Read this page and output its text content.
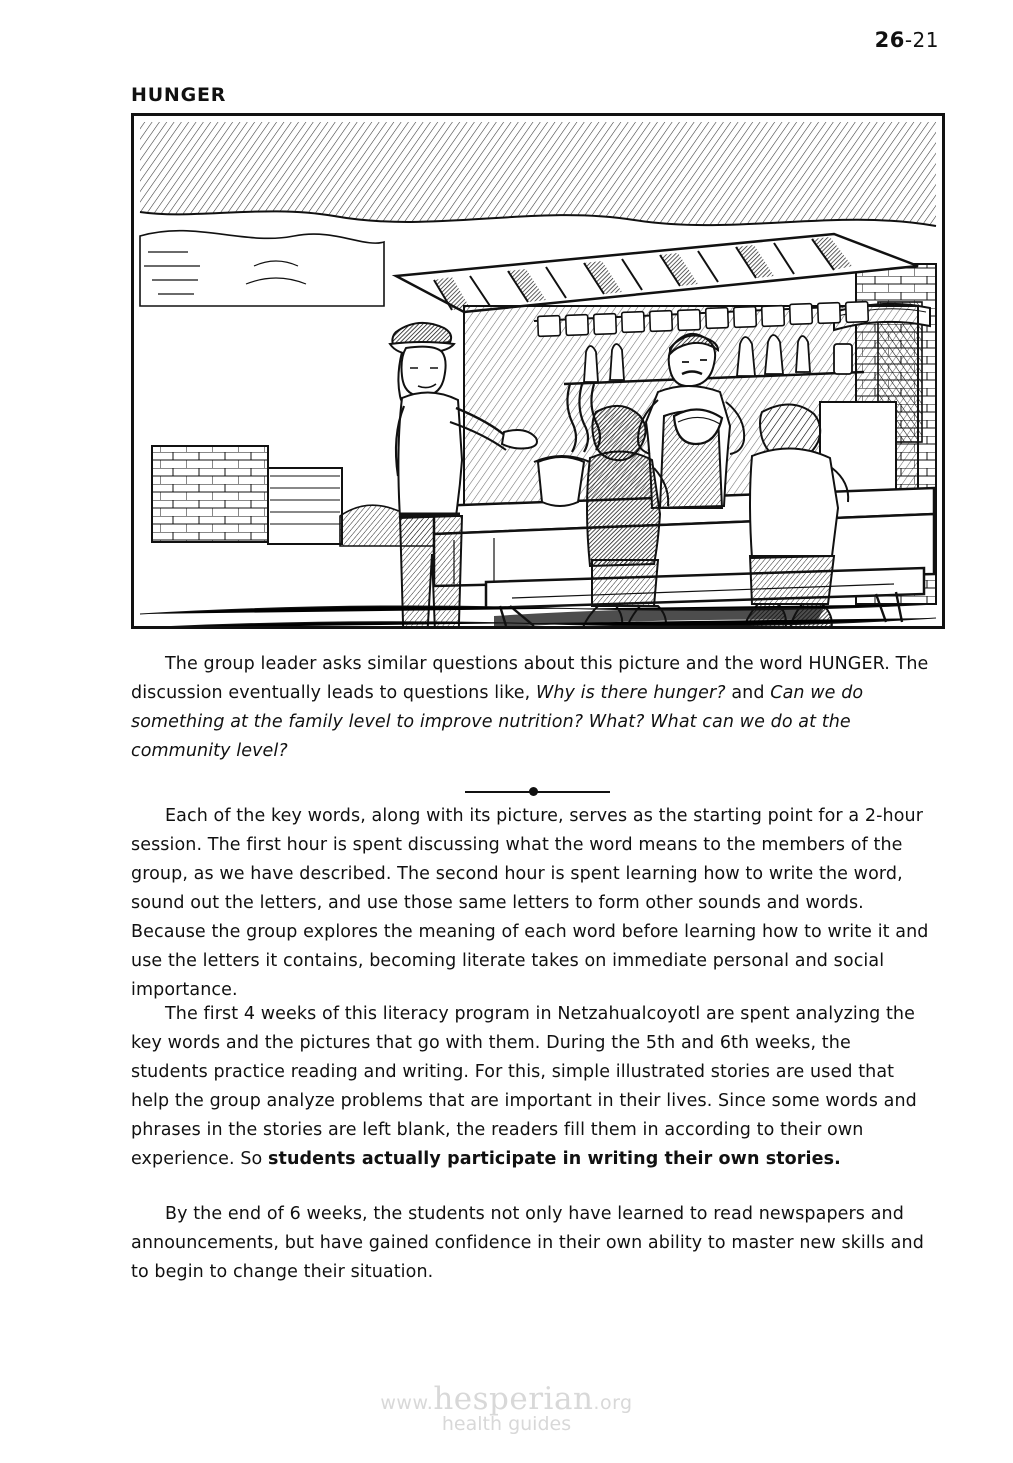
26-21
HUNGER

The group leader asks similar questions about this picture and the word HUNGER. The discussion eventually leads to questions like, Why is there hunger? and Can we do something at the family level to improve nutrition? What? What can we do at the community level?

Each of the key words, along with its picture, serves as the starting point for a 2-hour session. The first hour is spent discussing what the word means to the members of the group, as we have described. The second hour is spent learning how to write the word, sound out the letters, and use those same letters to form other sounds and words. Because the group explores the meaning of each word before learning how to write it and use the letters it contains, becoming literate takes on immediate personal and social importance.

The first 4 weeks of this literacy program in Netzahualcoyotl are spent analyzing the key words and the pictures that go with them. During the 5th and 6th weeks, the students practice reading and writing. For this, simple illustrated stories are used that help the group analyze problems that are important in their lives. Since some words and phrases in the stories are left blank, the readers fill them in according to their own experience. So students actually participate in writing their own stories.

By the end of 6 weeks, the students not only have learned to read newspapers and announcements, but have gained confidence in their own ability to master new skills and to begin to change their situation.

www.hesperian.org
health guides
